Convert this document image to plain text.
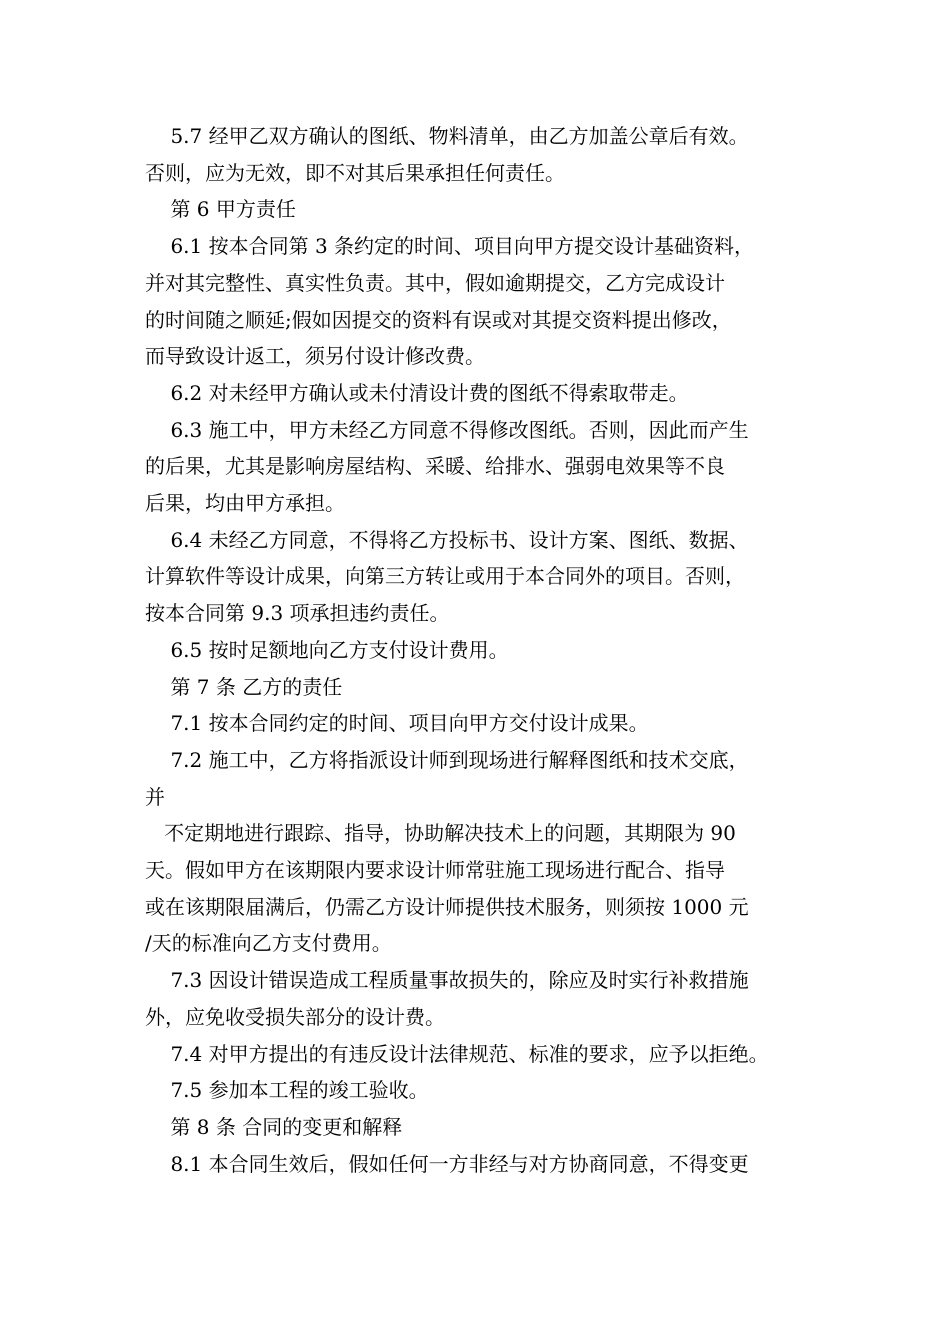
5.7 经甲乙双方确认的图纸、物料清单，由乙方加盖公章后有效。

否则，应为无效，即不对其后果承担任何责任。

第 6 甲方责任

6.1 按本合同第 3 条约定的时间、项目向甲方提交设计基础资料，

并对其完整性、真实性负责。其中，假如逾期提交，乙方完成设计

的时间随之顺延;假如因提交的资料有误或对其提交资料提出修改，

而导致设计返工，须另付设计修改费。

6.2 对未经甲方确认或未付清设计费的图纸不得索取带走。

6.3 施工中，甲方未经乙方同意不得修改图纸。否则，因此而产生

的后果，尤其是影响房屋结构、采暖、给排水、强弱电效果等不良

后果，均由甲方承担。

6.4 未经乙方同意，不得将乙方投标书、设计方案、图纸、数据、

计算软件等设计成果，向第三方转让或用于本合同外的项目。否则，

按本合同第 9.3 项承担违约责任。

6.5 按时足额地向乙方支付设计费用。

第 7 条 乙方的责任

7.1 按本合同约定的时间、项目向甲方交付设计成果。

7.2 施工中，乙方将指派设计师到现场进行解释图纸和技术交底，

并

不定期地进行跟踪、指导，协助解决技术上的问题，其期限为 90

天。假如甲方在该期限内要求设计师常驻施工现场进行配合、指导

或在该期限届满后，仍需乙方设计师提供技术服务，则须按 1000 元

/天的标准向乙方支付费用。

7.3 因设计错误造成工程质量事故损失的，除应及时实行补救措施

外，应免收受损失部分的设计费。

7.4 对甲方提出的有违反设计法律规范、标准的要求，应予以拒绝。

7.5 参加本工程的竣工验收。

第 8 条 合同的变更和解释

8.1 本合同生效后，假如任何一方非经与对方协商同意，不得变更
